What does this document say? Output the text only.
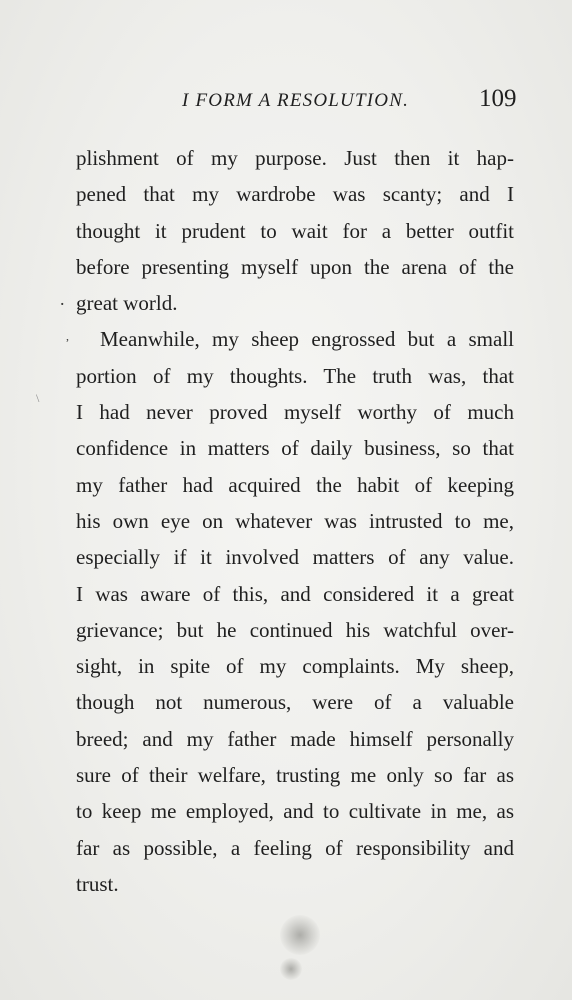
I FORM A RESOLUTION.	109
plishment of my purpose. Just then it hap-
pened that my wardrobe was scanty; and I
thought it prudent to wait for a better outfit
before presenting myself upon the arena of the
great world.
Meanwhile, my sheep engrossed but a small
portion of my thoughts. The truth was, that
I had never proved myself worthy of much
confidence in matters of daily business, so that
my father had acquired the habit of keeping
his own eye on whatever was intrusted to me,
especially if it involved matters of any value.
I was aware of this, and considered it a great
grievance; but he continued his watchful over-
sight, in spite of my complaints. My sheep,
though not numerous, were of a valuable
breed; and my father made himself personally
sure of their welfare, trusting me only so far as
to keep me employed, and to cultivate in me, as
far as possible, a feeling of responsibility and
trust.
.
,
\
